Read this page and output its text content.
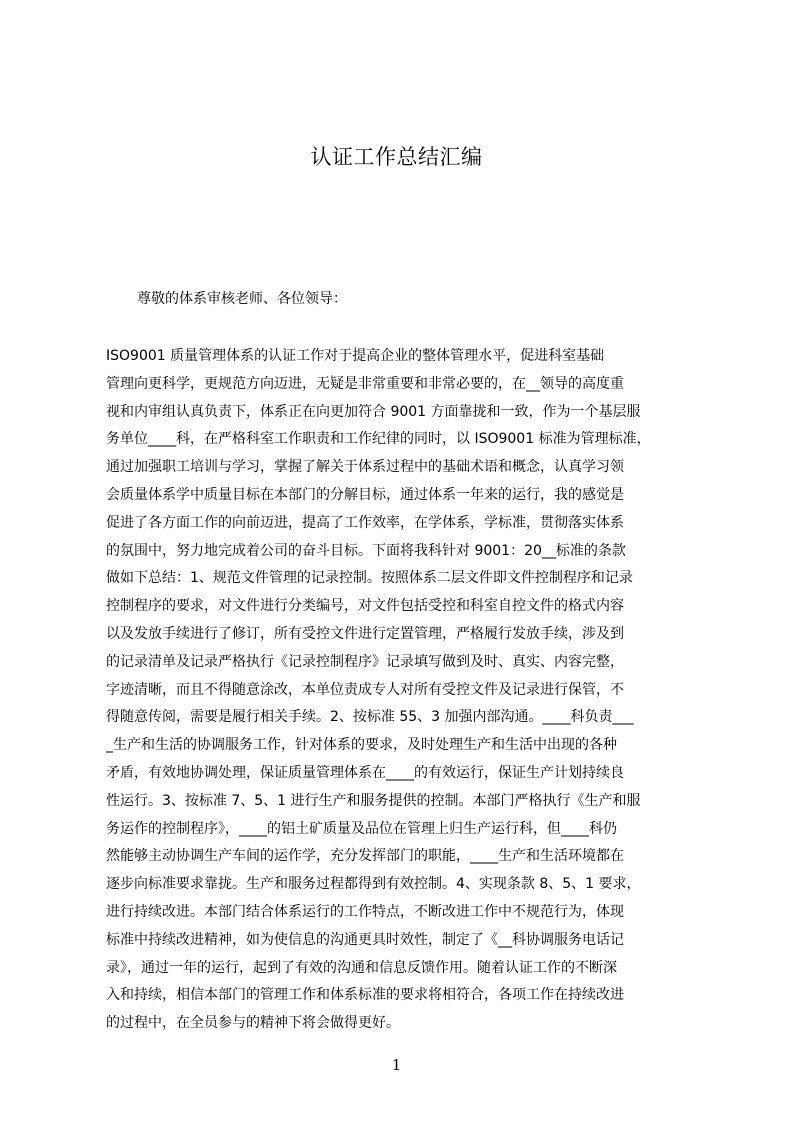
认证工作总结汇编
尊敬的体系审核老师、各位领导：
ISO9001 质量管理体系的认证工作对于提高企业的整体管理水平，促进科室基础
管理向更科学，更规范方向迈进，无疑是非常重要和非常必要的，在__领导的高度重
视和内审组认真负责下，体系正在向更加符合 9001 方面靠拢和一致，作为一个基层服
务单位____科，在严格科室工作职责和工作纪律的同时，以 ISO9001 标准为管理标准，
通过加强职工培训与学习，掌握了解关于体系过程中的基础术语和概念，认真学习领
会质量体系学中质量目标在本部门的分解目标，通过体系一年来的运行，我的感觉是
促进了各方面工作的向前迈进，提高了工作效率，在学体系，学标准，贯彻落实体系
的氛围中，努力地完成着公司的奋斗目标。下面将我科针对 9001：20__标准的条款
做如下总结：1、规范文件管理的记录控制。按照体系二层文件即文件控制程序和记录
控制程序的要求，对文件进行分类编号，对文件包括受控和科室自控文件的格式内容
以及发放手续进行了修订，所有受控文件进行定置管理，严格履行发放手续，涉及到
的记录清单及记录严格执行《记录控制程序》记录填写做到及时、真实、内容完整，
字迹清晰，而且不得随意涂改，本单位责成专人对所有受控文件及记录进行保管，不
得随意传阅，需要是履行相关手续。2、按标准 55、3 加强内部沟通。____科负责___
_生产和生活的协调服务工作，针对体系的要求，及时处理生产和生活中出现的各种
矛盾，有效地协调处理，保证质量管理体系在____的有效运行，保证生产计划持续良
性运行。3、按标准 7、5、1 进行生产和服务提供的控制。本部门严格执行《生产和服
务运作的控制程序》，____的铝土矿质量及品位在管理上归生产运行科，但____科仍
然能够主动协调生产车间的运作学，充分发挥部门的职能，____生产和生活环境都在
逐步向标准要求靠拢。生产和服务过程都得到有效控制。4、实现条款 8、5、1 要求，
进行持续改进。本部门结合体系运行的工作特点，不断改进工作中不规范行为，体现
标准中持续改进精神，如为使信息的沟通更具时效性，制定了《__科协调服务电话记
录》，通过一年的运行，起到了有效的沟通和信息反馈作用。随着认证工作的不断深
入和持续，相信本部门的管理工作和体系标准的要求将相符合，各项工作在持续改进
的过程中，在全员参与的精神下将会做得更好。
1
